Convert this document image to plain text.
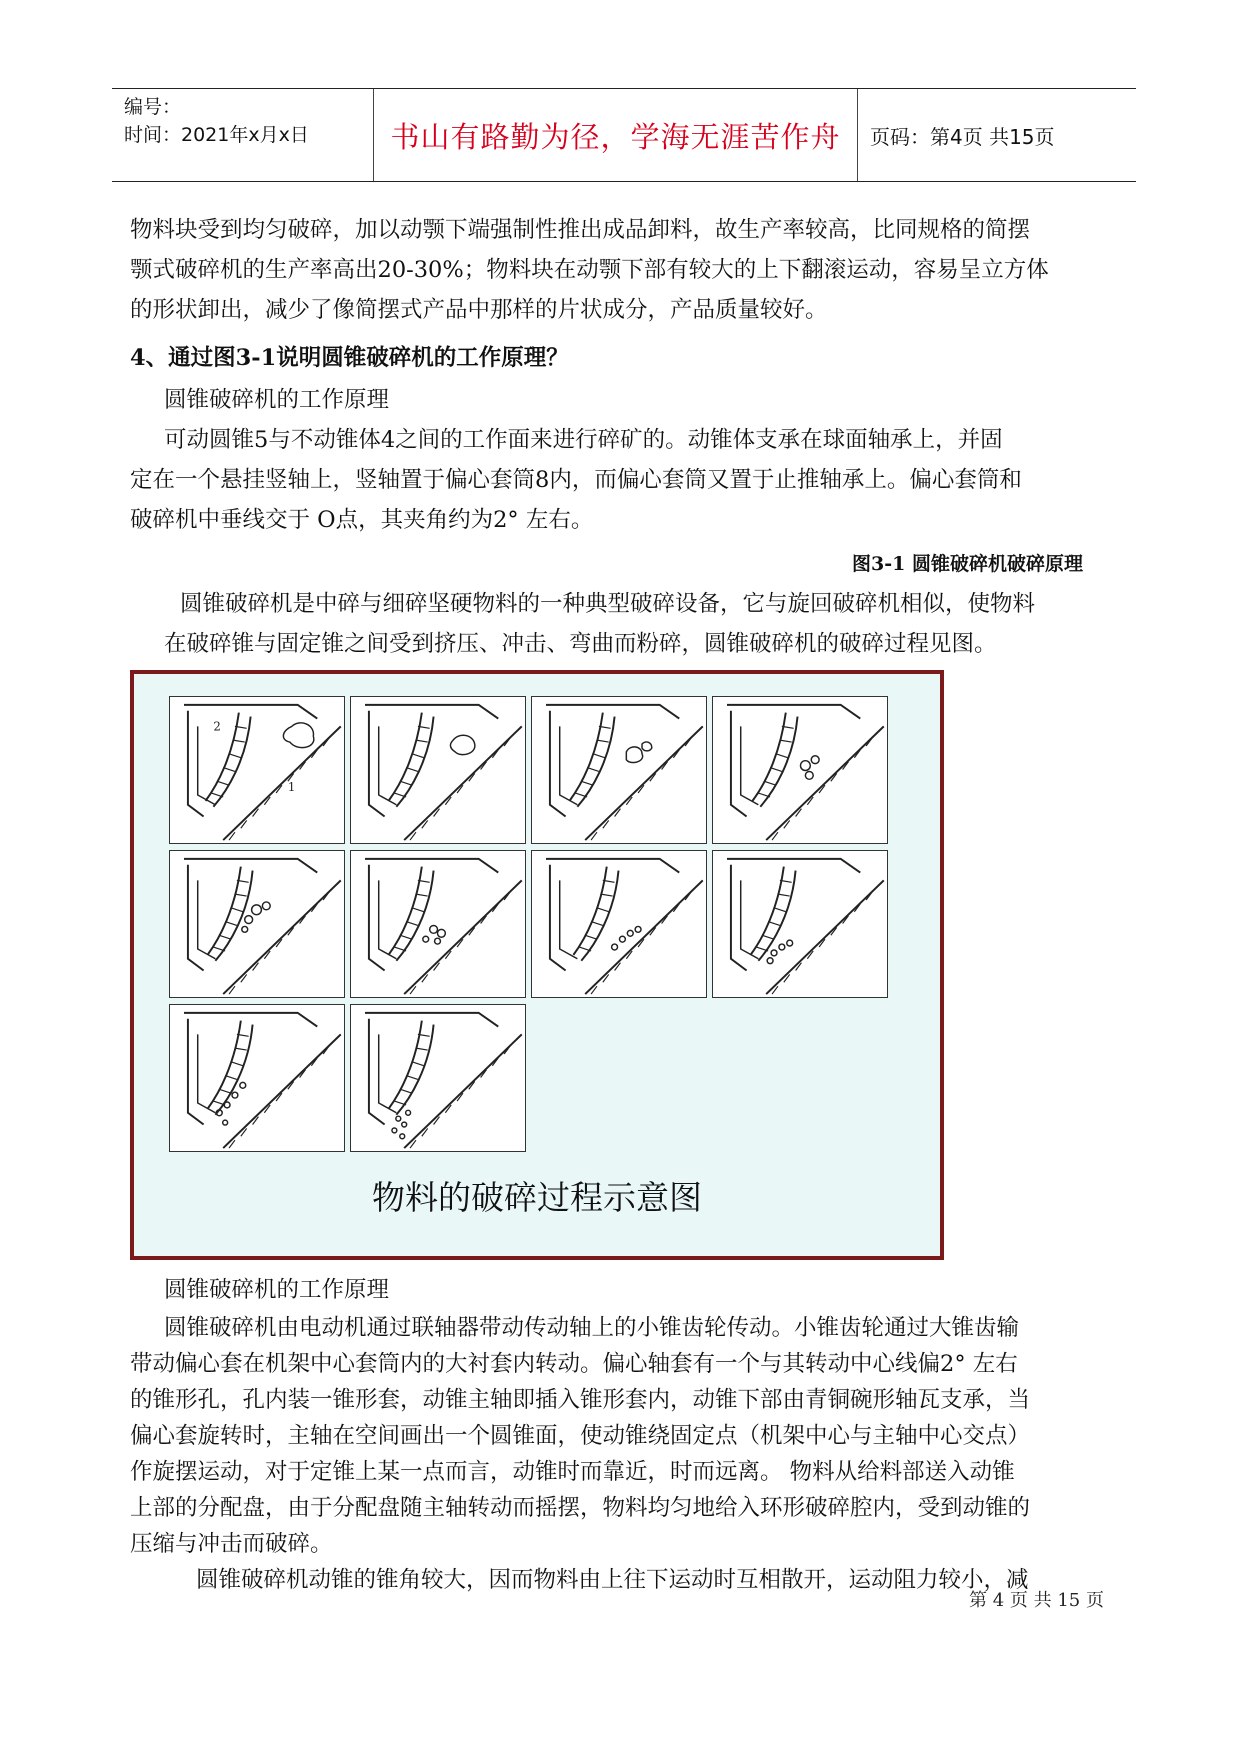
编号：
时间：2021年x月x日	书山有路勤为径，学海无涯苦作舟	页码：第4页 共15页
物料块受到均匀破碎，加以动颚下端强制性推出成品卸料，故生产率较高，比同规格的简摆
颚式破碎机的生产率高出20-30%；物料块在动颚下部有较大的上下翻滚运动，容易呈立方体
的形状卸出，减少了像简摆式产品中那样的片状成分，产品质量较好。
4、通过图3-1说明圆锥破碎机的工作原理？
圆锥破碎机的工作原理
可动圆锥5与不动锥体4之间的工作面来进行碎矿的。动锥体支承在球面轴承上，并固
定在一个悬挂竖轴上，竖轴置于偏心套筒8内，而偏心套筒又置于止推轴承上。偏心套筒和
破碎机中垂线交于 O点，其夹角约为2° 左右。
图3-1 圆锥破碎机破碎原理
圆锥破碎机是中碎与细碎坚硬物料的一种典型破碎设备，它与旋回破碎机相似，使物料
在破碎锥与固定锥之间受到挤压、冲击、弯曲而粉碎，圆锥破碎机的破碎过程见图。
2
1
物料的破碎过程示意图
圆锥破碎机的工作原理
圆锥破碎机由电动机通过联轴器带动传动轴上的小锥齿轮传动。小锥齿轮通过大锥齿输
带动偏心套在机架中心套筒内的大衬套内转动。偏心轴套有一个与其转动中心线偏2° 左右
的锥形孔，孔内装一锥形套，动锥主轴即插入锥形套内，动锥下部由青铜碗形轴瓦支承，当
偏心套旋转时，主轴在空间画出一个圆锥面，使动锥绕固定点（机架中心与主轴中心交点）
作旋摆运动，对于定锥上某一点而言，动锥时而靠近，时而远离。 物料从给料部送入动锥
上部的分配盘，由于分配盘随主轴转动而摇摆，物料均匀地给入环形破碎腔内，受到动锥的
压缩与冲击而破碎。
圆锥破碎机动锥的锥角较大，因而物料由上往下运动时互相散开，运动阻力较小，减
第 4 页 共 15 页
